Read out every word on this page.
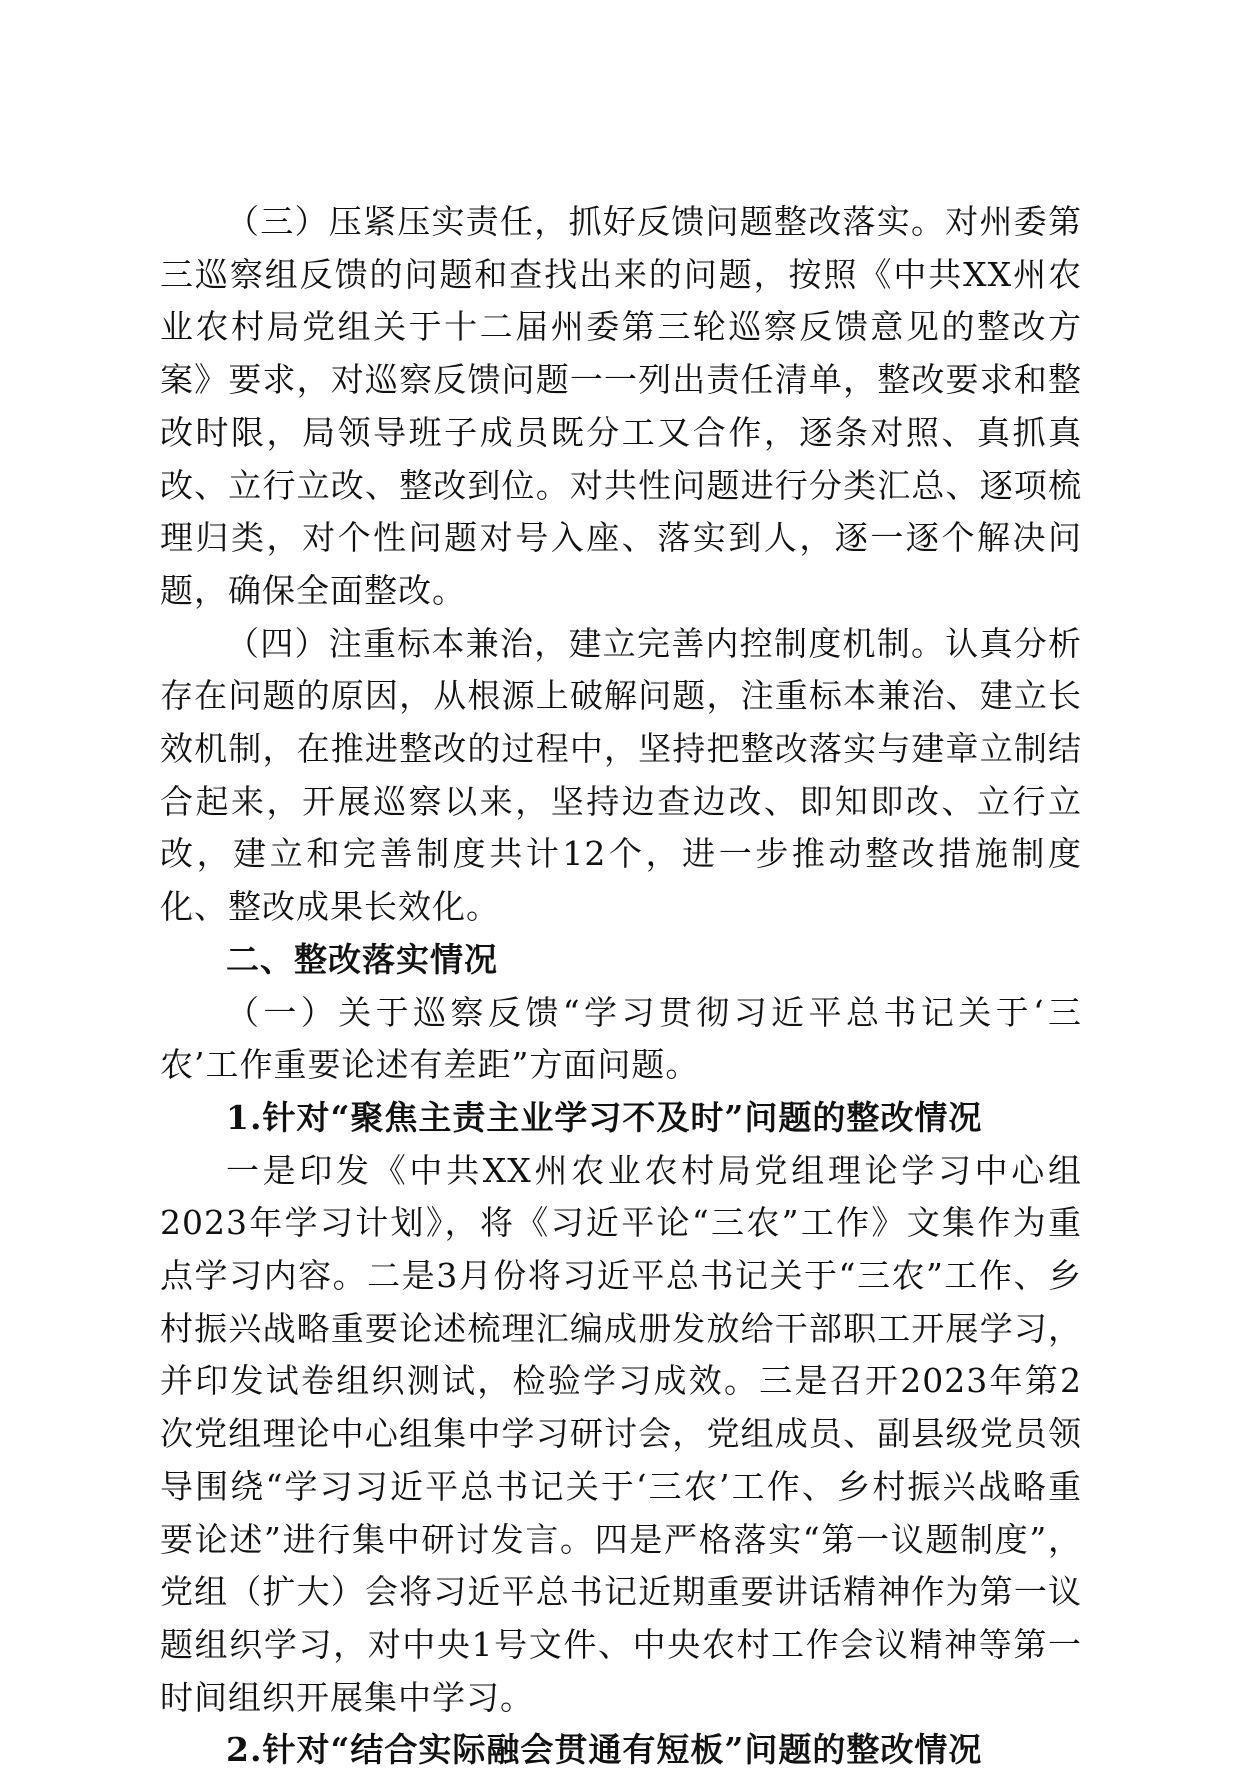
（三）压紧压实责任，抓好反馈问题整改落实。对州委第三巡察组反馈的问题和查找出来的问题，按照《中共XX州农业农村局党组关于十二届州委第三轮巡察反馈意见的整改方案》要求，对巡察反馈问题一一列出责任清单，整改要求和整改时限，局领导班子成员既分工又合作，逐条对照、真抓真改、立行立改、整改到位。对共性问题进行分类汇总、逐项梳理归类，对个性问题对号入座、落实到人，逐一逐个解决问题，确保全面整改。

（四）注重标本兼治，建立完善内控制度机制。认真分析存在问题的原因，从根源上破解问题，注重标本兼治、建立长效机制，在推进整改的过程中，坚持把整改落实与建章立制结合起来，开展巡察以来，坚持边查边改、即知即改、立行立改，建立和完善制度共计12个，进一步推动整改措施制度化、整改成果长效化。

二、整改落实情况

（一）关于巡察反馈“学习贯彻习近平总书记关于‘三农’工作重要论述有差距”方面问题。

1.针对“聚焦主责主业学习不及时”问题的整改情况

一是印发《中共XX州农业农村局党组理论学习中心组2023年学习计划》，将《习近平论“三农”工作》文集作为重点学习内容。二是3月份将习近平总书记关于“三农”工作、乡村振兴战略重要论述梳理汇编成册发放给干部职工开展学习，并印发试卷组织测试，检验学习成效。三是召开2023年第2次党组理论中心组集中学习研讨会，党组成员、副县级党员领导围绕“学习习近平总书记关于‘三农’工作、乡村振兴战略重要论述”进行集中研讨发言。四是严格落实“第一议题制度”，党组（扩大）会将习近平总书记近期重要讲话精神作为第一议题组织学习，对中央1号文件、中央农村工作会议精神等第一时间组织开展集中学习。

2.针对“结合实际融会贯通有短板”问题的整改情况
